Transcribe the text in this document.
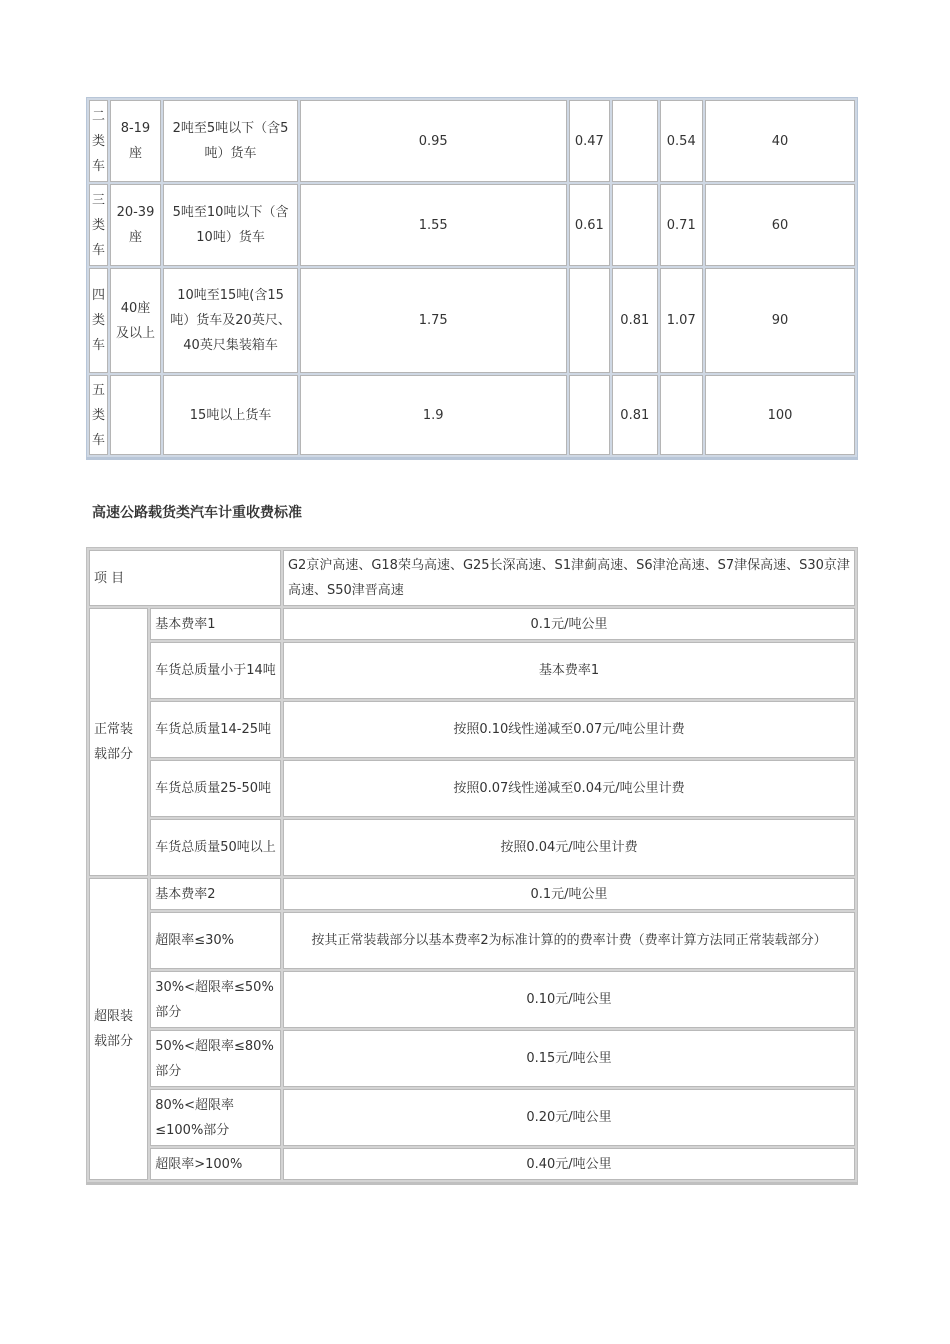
二类车	8-19座	2吨至5吨以下（含5吨）货车	0.95	0.47		0.54	40
三类车	20-39座	5吨至10吨以下（含10吨）货车	1.55	0.61		0.71	60
四类车	40座及以上	10吨至15吨(含15吨）货车及20英尺、40英尺集装箱车	1.75		0.81	1.07	90
五类车		15吨以上货车	1.9		0.81		100
高速公路载货类汽车计重收费标准
项 目		G2京沪高速、G18荣乌高速、G25长深高速、S1津蓟高速、S6津沧高速、S7津保高速、S30京津高速、S50津晋高速
正常装载部分	基本费率1	0.1元/吨公里
	车货总质量小于14吨	基本费率1
	车货总质量14-25吨	按照0.10线性递减至0.07元/吨公里计费
	车货总质量25-50吨	按照0.07线性递减至0.04元/吨公里计费
	车货总质量50吨以上	按照0.04元/吨公里计费
超限装载部分	基本费率2	0.1元/吨公里
	超限率≤30%	按其正常装载部分以基本费率2为标准计算的的费率计费（费率计算方法同正常装载部分）
	30%<超限率≤50%部分	0.10元/吨公里
	50%<超限率≤80%部分	0.15元/吨公里
	80%<超限率≤100%部分	0.20元/吨公里
	超限率>100%	0.40元/吨公里
